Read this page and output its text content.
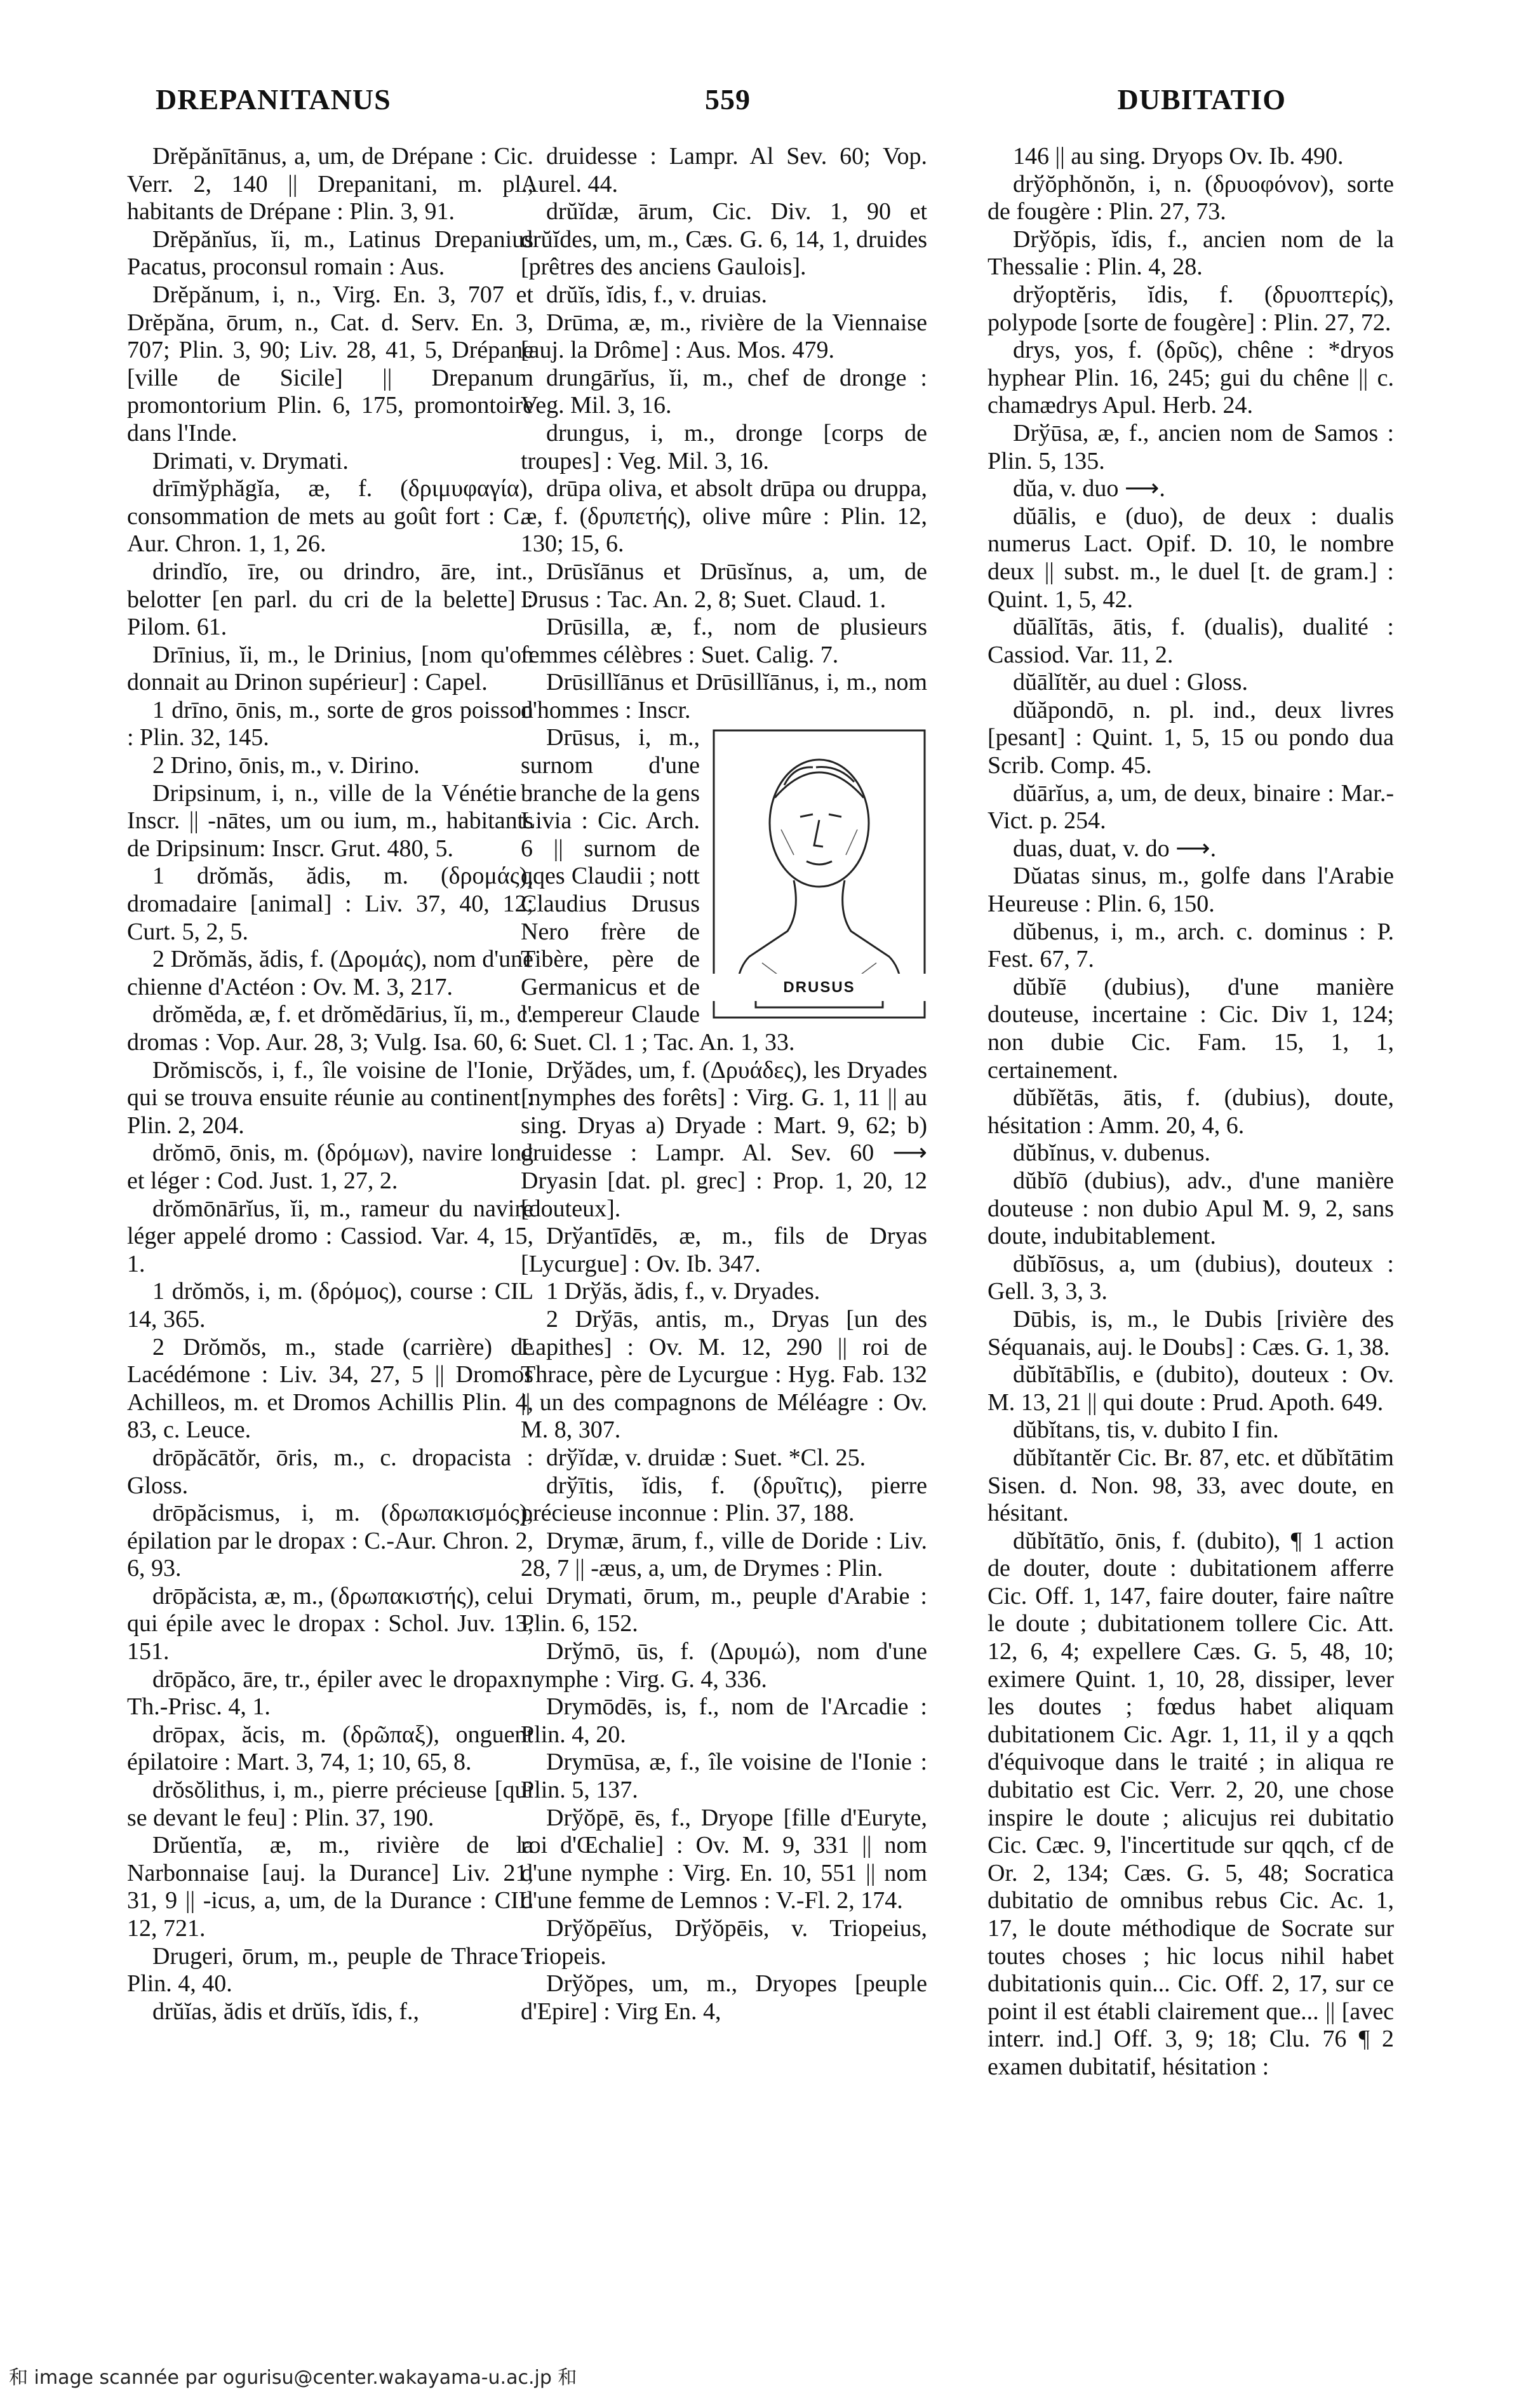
DREPANITANUS	559	DUBITATIO

Drĕpănītānus, a, um, de Drépane : Cic. Verr. 2, 140 || Drepanitani, m. pl., habitants de Drépane : Plin. 3, 91.

Drĕpănĭus, ĭi, m., Latinus Drepanius Pacatus, proconsul romain : Aus.

Drĕpănum, i, n., Virg. En. 3, 707 et Drĕpăna, ōrum, n., Cat. d. Serv. En. 3, 707; Plin. 3, 90; Liv. 28, 41, 5, Drépane [ville de Sicile] || Drepanum promontorium Plin. 6, 175, promontoire dans l'Inde.

Drimati, v. Drymati.

drīmўphăgĭa, æ, f. (δριμυφαγία), consommation de mets au goût fort : C.-Aur. Chron. 1, 1, 26.

drindĭo, īre, ou drindro, āre, int., belotter [en parl. du cri de la belette] : Pilom. 61.

Drīnius, ĭi, m., le Drinius, [nom qu'on donnait au Drinon supérieur] : Capel.

1 drīno, ōnis, m., sorte de gros poisson : Plin. 32, 145.

2 Drino, ōnis, m., v. Dirino.

Dripsinum, i, n., ville de la Vénétie : Inscr. || -nātes, um ou ium, m., habitants de Dripsinum: Inscr. Grut. 480, 5.

1 drŏmăs, ădis, m. (δρομάς), dromadaire [animal] : Liv. 37, 40, 12; Curt. 5, 2, 5.

2 Drŏmăs, ădis, f. (Δρομάς), nom d'une chienne d'Actéon : Ov. M. 3, 217.

drŏmĕda, æ, f. et drŏmĕdārius, ĭi, m., c. dromas : Vop. Aur. 28, 3; Vulg. Isa. 60, 6.

Drŏmiscŏs, i, f., île voisine de l'Ionie, qui se trouva ensuite réunie au continent : Plin. 2, 204.

drŏmō, ōnis, m. (δρόμων), navire long et léger : Cod. Just. 1, 27, 2.

drŏmōnārĭus, ĭi, m., rameur du navire léger appelé dromo : Cassiod. Var. 4, 15, 1.

1 drŏmŏs, i, m. (δρόμος), course : CIL 14, 365.

2 Drŏmŏs, m., stade (carrière) de Lacédémone : Liv. 34, 27, 5 || Dromos Achilleos, m. et Dromos Achillis Plin. 4, 83, c. Leuce.

drōpăcātŏr, ōris, m., c. dropacista : Gloss.

drōpăcismus, i, m. (δρωπακισμός), épilation par le dropax : C.-Aur. Chron. 2, 6, 93.

drōpăcista, æ, m., (δρωπακιστής), celui qui épile avec le dropax : Schol. Juv. 13, 151.

drōpăco, āre, tr., épiler avec le dropax : Th.-Prisc. 4, 1.

drōpax, ăcis, m. (δρῶπαξ), onguent épilatoire : Mart. 3, 74, 1; 10, 65, 8.

drŏsŏlithus, i, m., pierre précieuse [qui se devant le feu] : Plin. 37, 190.

Drŭentĭa, æ, m., rivière de la Narbonnaise [auj. la Durance] Liv. 21, 31, 9 || -icus, a, um, de la Durance : CIL 12, 721.

Drugeri, ōrum, m., peuple de Thrace : Plin. 4, 40.

drŭĭas, ădis et drŭĭs, ĭdis, f.,

druidesse : Lampr. Al Sev. 60; Vop. Aurel. 44.

drŭĭdæ, ārum, Cic. Div. 1, 90 et drŭĭdes, um, m., Cæs. G. 6, 14, 1, druides [prêtres des anciens Gaulois].

drŭĭs, ĭdis, f., v. druias.

Drūma, æ, m., rivière de la Viennaise [auj. la Drôme] : Aus. Mos. 479.

drungārĭus, ĭi, m., chef de dronge : Veg. Mil. 3, 16.

drungus, i, m., dronge [corps de troupes] : Veg. Mil. 3, 16.

drūpa oliva, et absolt drūpa ou druppa, æ, f. (δρυπετής), olive mûre : Plin. 12, 130; 15, 6.

Drūsĭānus et Drūsĭnus, a, um, de Drusus : Tac. An. 2, 8; Suet. Claud. 1.

Drūsilla, æ, f., nom de plusieurs femmes célèbres : Suet. Calig. 7.

Drūsillĭānus et Drūsillĭānus, i, m., nom d'hommes : Inscr.

DRUSUS

Drūsus, i, m., surnom d'une branche de la gens Livia : Cic. Arch. 6 || surnom de qqes Claudii ; nott Claudius Drusus Nero frère de Tibère, père de Germanicus et de l'empereur Claude : Suet. Cl. 1 ; Tac. An. 1, 33.

Drўădes, um, f. (Δρυάδες), les Dryades [nymphes des forêts] : Virg. G. 1, 11 || au sing. Dryas a) Dryade : Mart. 9, 62; b) druidesse : Lampr. Al. Sev. 60 ⟶ Dryasin [dat. pl. grec] : Prop. 1, 20, 12 [douteux].

Drўantīdēs, æ, m., fils de Dryas [Lycurgue] : Ov. Ib. 347.

1 Drўăs, ădis, f., v. Dryades.

2 Drўās, antis, m., Dryas [un des Lapithes] : Ov. M. 12, 290 || roi de Thrace, père de Lycurgue : Hyg. Fab. 132 || un des compagnons de Méléagre : Ov. M. 8, 307.

drўĭdæ, v. druidæ : Suet. *Cl. 25.

drўītis, ĭdis, f. (δρυῖτις), pierre précieuse inconnue : Plin. 37, 188.

Drymæ, ārum, f., ville de Doride : Liv. 28, 7 || -æus, a, um, de Drymes : Plin.

Drymati, ōrum, m., peuple d'Arabie : Plin. 6, 152.

Drўmō, ūs, f. (Δρυμώ), nom d'une nymphe : Virg. G. 4, 336.

Drymōdēs, is, f., nom de l'Arcadie : Plin. 4, 20.

Drymūsa, æ, f., île voisine de l'Ionie : Plin. 5, 137.

Drўŏpē, ēs, f., Dryope [fille d'Euryte, roi d'Œchalie] : Ov. M. 9, 331 || nom d'une nymphe : Virg. En. 10, 551 || nom d'une femme de Lemnos : V.-Fl. 2, 174.

Drўŏpēĭus, Drўŏpēis, v. Triopeius, Triopeis.

Drўŏpes, um, m., Dryopes [peuple d'Epire] : Virg En. 4,

146 || au sing. Dryops Ov. Ib. 490.

drўŏphŏnŏn, i, n. (δρυοφόνον), sorte de fougère : Plin. 27, 73.

Drўŏpis, ĭdis, f., ancien nom de la Thessalie : Plin. 4, 28.

drўoptĕris, ĭdis, f. (δρυοπτερίς), polypode [sorte de fougère] : Plin. 27, 72.

drys, yos, f. (δρῦς), chêne : *dryos hyphear Plin. 16, 245; gui du chêne || c. chamædrys Apul. Herb. 24.

Drўūsa, æ, f., ancien nom de Samos : Plin. 5, 135.

dŭa, v. duo ⟶.

dŭālis, e (duo), de deux : dualis numerus Lact. Opif. D. 10, le nombre deux || subst. m., le duel [t. de gram.] : Quint. 1, 5, 42.

dŭālĭtās, ātis, f. (dualis), dualité : Cassiod. Var. 11, 2.

dŭālĭtĕr, au duel : Gloss.

dŭăpondō, n. pl. ind., deux livres [pesant] : Quint. 1, 5, 15 ou pondo dua Scrib. Comp. 45.

dŭārĭus, a, um, de deux, binaire : Mar.-Vict. p. 254.

duas, duat, v. do ⟶.

Dŭatas sinus, m., golfe dans l'Arabie Heureuse : Plin. 6, 150.

dŭbenus, i, m., arch. c. dominus : P. Fest. 67, 7.

dŭbĭē (dubius), d'une manière douteuse, incertaine : Cic. Div 1, 124; non dubie Cic. Fam. 15, 1, 1, certainement.

dŭbĭĕtās, ātis, f. (dubius), doute, hésitation : Amm. 20, 4, 6.

dŭbĭnus, v. dubenus.

dŭbĭō (dubius), adv., d'une manière douteuse : non dubio Apul M. 9, 2, sans doute, indubitablement.

dŭbĭōsus, a, um (dubius), douteux : Gell. 3, 3, 3.

Dūbis, is, m., le Dubis [rivière des Séquanais, auj. le Doubs] : Cæs. G. 1, 38.

dŭbĭtābĭlis, e (dubito), douteux : Ov. M. 13, 21 || qui doute : Prud. Apoth. 649.

dŭbĭtans, tis, v. dubito I fin.

dŭbĭtantĕr Cic. Br. 87, etc. et dŭbĭtātim Sisen. d. Non. 98, 33, avec doute, en hésitant.

dŭbĭtātĭo, ōnis, f. (dubito), ¶ 1 action de douter, doute : dubitationem afferre Cic. Off. 1, 147, faire douter, faire naître le doute ; dubitationem tollere Cic. Att. 12, 6, 4; expellere Cæs. G. 5, 48, 10; eximere Quint. 1, 10, 28, dissiper, lever les doutes ; fœdus habet aliquam dubitationem Cic. Agr. 1, 11, il y a qqch d'équivoque dans le traité ; in aliqua re dubitatio est Cic. Verr. 2, 20, une chose inspire le doute ; alicujus rei dubitatio Cic. Cæc. 9, l'incertitude sur qqch, cf de Or. 2, 134; Cæs. G. 5, 48; Socratica dubitatio de omnibus rebus Cic. Ac. 1, 17, le doute méthodique de Socrate sur toutes choses ; hic locus nihil habet dubitationis quin... Cic. Off. 2, 17, sur ce point il est établi clairement que... || [avec interr. ind.] Off. 3, 9; 18; Clu. 76 ¶ 2 examen dubitatif, hésitation :

和 image scannée par ogurisu@center.wakayama-u.ac.jp 和
